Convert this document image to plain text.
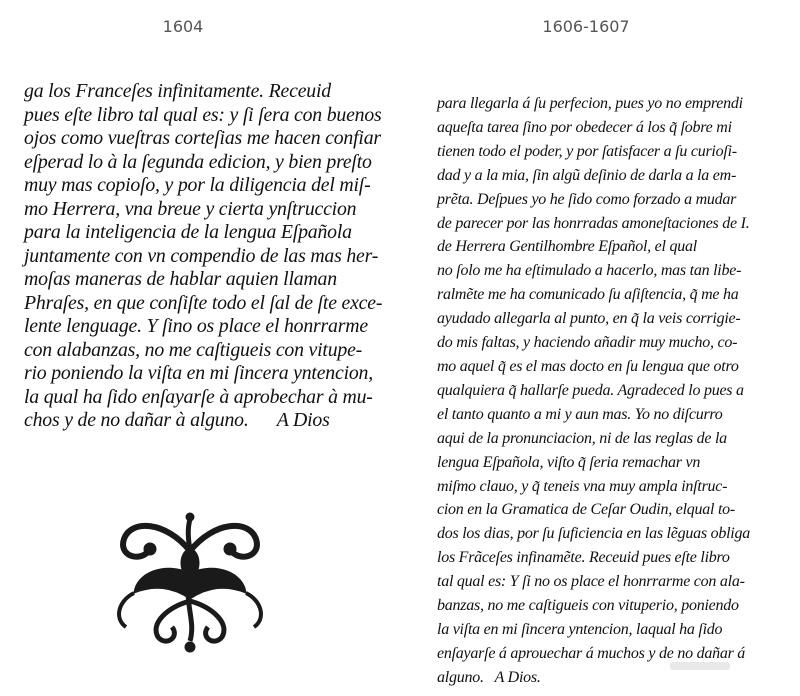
1604	1606-1607
ga los Franceſes infinitamente. Receuid
pues eſte libro tal qual es: y ſi ſera con buenos
ojos como vueſtras corteſias me hacen confiar
eſperad lo à la ſegunda edicion, y bien preſto
muy mas copioſo, y por la diligencia del miſ-
mo Herrera, vna breue y cierta ynſtruccion
para la inteligencia de la lengua Eſpañola
juntamente con vn compendio de las mas her-
moſas maneras de hablar aquien llaman
Phraſes, en que conſiſte todo el ſal de ſte exce-
lente lenguage. Y ſino os place el honrrarme
con alabanzas, no me caſtigueis con vitupe-
rio poniendo la viſta en mi ſincera yntencion,
la qual ha ſido enſayarſe à aprobechar à mu-
chos y de no dañar à alguno.      A Dios
para llegarla á ſu perfecion, pues yo no emprendi
aqueſta tarea ſino por obedecer á los q̃ ſobre mi
tienen todo el poder, y por ſatisfacer a ſu curioſi-
dad y a la mia, ſin algũ deſinio de darla a la em-
prẽta. Deſpues yo he ſido como forzado a mudar
de parecer por las honrradas amoneſtaciones de I.
de Herrera Gentilhombre Eſpañol, el qual
no ſolo me ha eſtimulado a hacerlo, mas tan libe-
ralmẽte me ha comunicado ſu aſiſtencia, q̃ me ha
ayudado allegarla al punto, en q̃ la veis corrigie-
do mis faltas, y haciendo añadir muy mucho, co-
mo aquel q̃ es el mas docto en ſu lengua que otro
qualquiera q̃ hallarſe pueda. Agradeced lo pues a
el tanto quanto a mi y aun mas. Yo no diſcurro
aqui de la pronunciacion, ni de las reglas de la
lengua Eſpañola, viſto q̃ ſeria remachar vn
miſmo clauo, y q̃ teneis vna muy ampla inſtruc-
cion en la Gramatica de Ceſar Oudin, elqual to-
dos los dias, por ſu ſuficiencia en las lẽguas obliga
los Frãceſes infinamẽte. Receuid pues eſte libro
tal qual es: Y ſi no os place el honrrarme con ala-
banzas, no me caſtigueis con vituperio, poniendo
la viſta en mi ſincera yntencion, laqual ha ſido
enſayarſe á aprouechar á muchos y de no dañar á
alguno.   A Dios.
